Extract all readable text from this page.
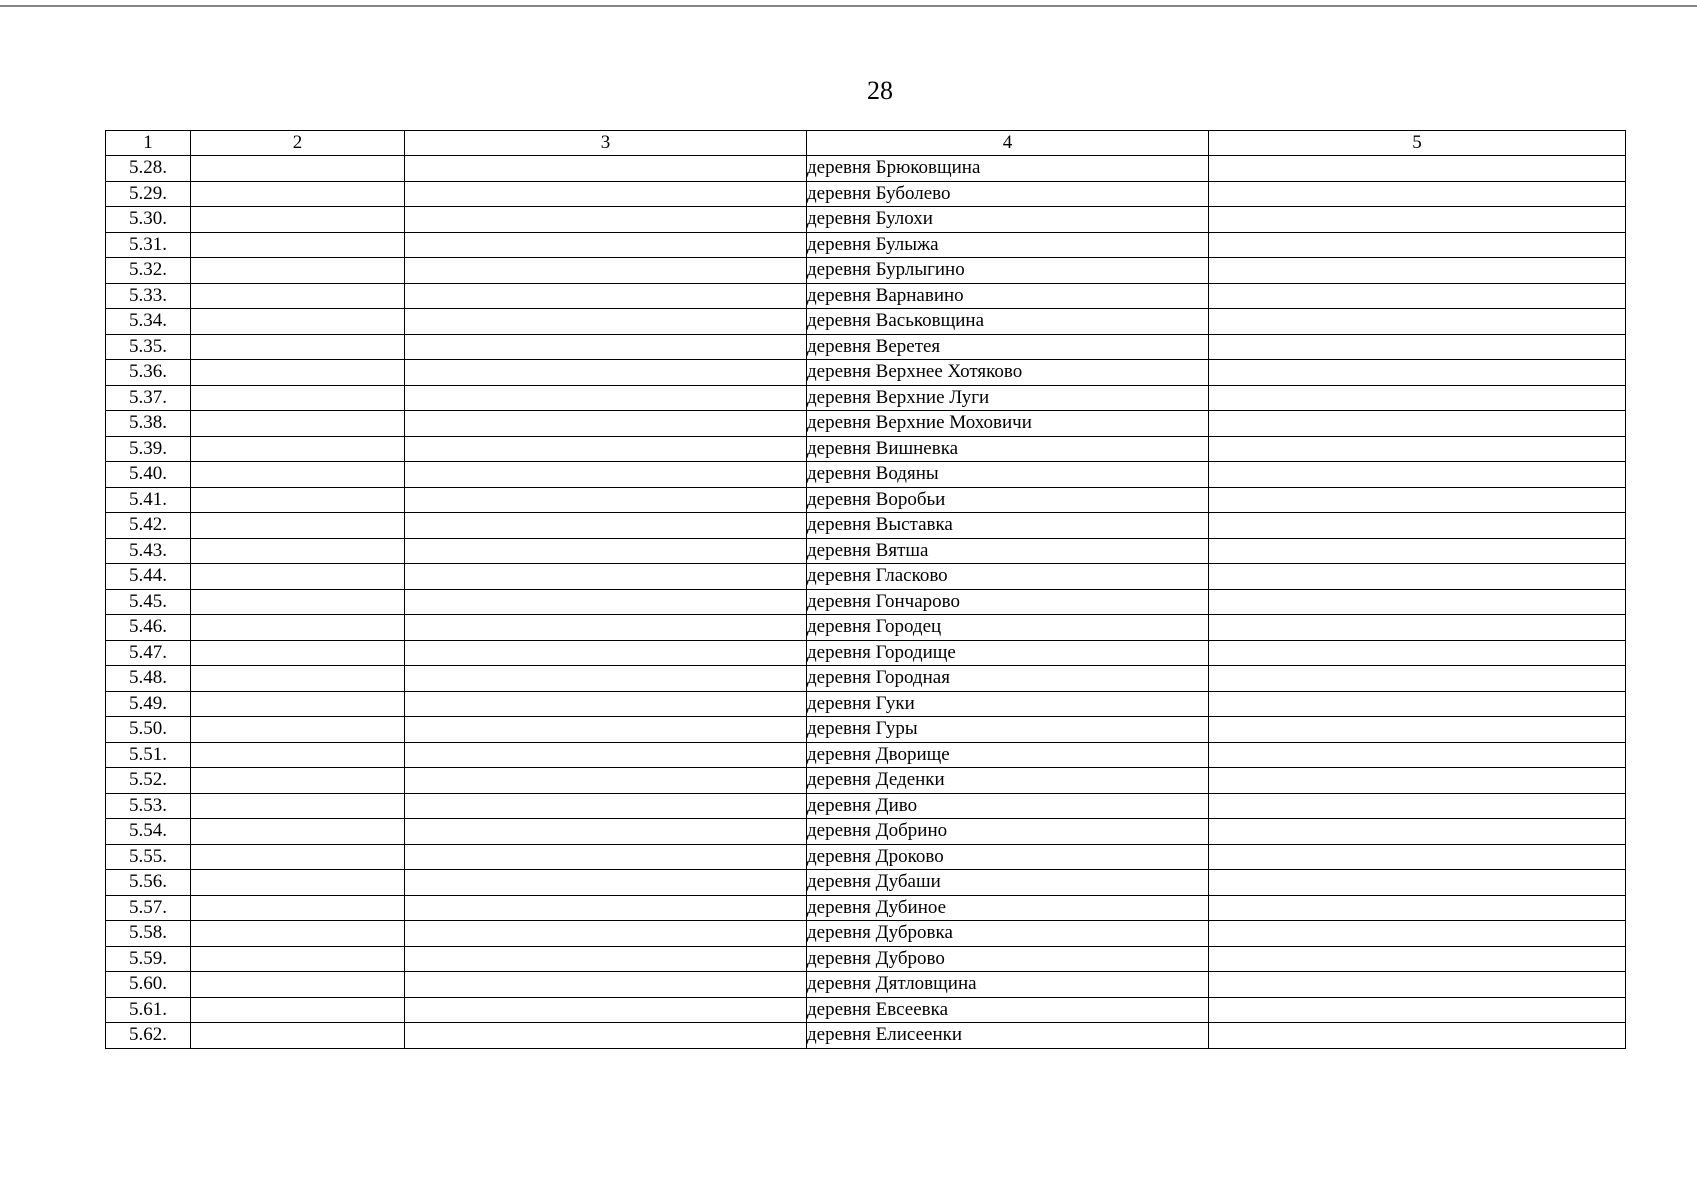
28
1	2	3	4	5
5.28.			деревня Брюковщина	
5.29.			деревня Буболево	
5.30.			деревня Булохи	
5.31.			деревня Булыжа	
5.32.			деревня Бурлыгино	
5.33.			деревня Варнавино	
5.34.			деревня Васьковщина	
5.35.			деревня Веретея	
5.36.			деревня Верхнее Хотяково	
5.37.			деревня Верхние Луги	
5.38.			деревня Верхние Моховичи	
5.39.			деревня Вишневка	
5.40.			деревня Водяны	
5.41.			деревня Воробьи	
5.42.			деревня Выставка	
5.43.			деревня Вятша	
5.44.			деревня Гласково	
5.45.			деревня Гончарово	
5.46.			деревня Городец	
5.47.			деревня Городище	
5.48.			деревня Городная	
5.49.			деревня Гуки	
5.50.			деревня Гуры	
5.51.			деревня Дворище	
5.52.			деревня Деденки	
5.53.			деревня Диво	
5.54.			деревня Добрино	
5.55.			деревня Дроково	
5.56.			деревня Дубаши	
5.57.			деревня Дубиное	
5.58.			деревня Дубровка	
5.59.			деревня Дуброво	
5.60.			деревня Дятловщина	
5.61.			деревня Евсеевка	
5.62.			деревня Елисеенки	
